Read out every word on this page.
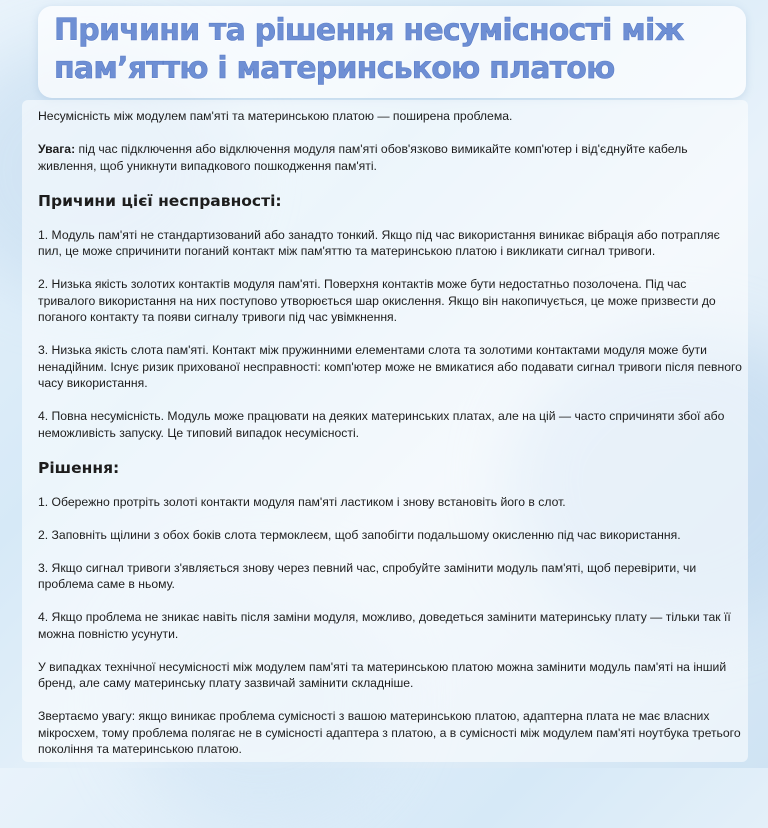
Причини та рішення несумісності між пам’яттю і материнською платою

Несумісність між модулем пам'яті та материнською платою — поширена проблема.

Увага: під час підключення або відключення модуля пам'яті обов'язково вимикайте комп'ютер і від'єднуйте кабель живлення, щоб уникнути випадкового пошкодження пам'яті.

Причини цієї несправності:

1. Модуль пам'яті не стандартизований або занадто тонкий. Якщо під час використання виникає вібрація або потрапляє пил, це може спричинити поганий контакт між пам'яттю та материнською платою і викликати сигнал тривоги.

2. Низька якість золотих контактів модуля пам'яті. Поверхня контактів може бути недостатньо позолочена. Під час тривалого використання на них поступово утворюється шар окислення. Якщо він накопичується, це може призвести до поганого контакту та появи сигналу тривоги під час увімкнення.

3. Низька якість слота пам'яті. Контакт між пружинними елементами слота та золотими контактами модуля може бути ненадійним. Існує ризик прихованої несправності: комп'ютер може не вмикатися або подавати сигнал тривоги після певного часу використання.

4. Повна несумісність. Модуль може працювати на деяких материнських платах, але на цій — часто спричиняти збої або неможливість запуску. Це типовий випадок несумісності.

Рішення:

1. Обережно протріть золоті контакти модуля пам'яті ластиком і знову встановіть його в слот.

2. Заповніть щілини з обох боків слота термоклеєм, щоб запобігти подальшому окисленню під час використання.

3. Якщо сигнал тривоги з'являється знову через певний час, спробуйте замінити модуль пам'яті, щоб перевірити, чи проблема саме в ньому.

4. Якщо проблема не зникає навіть після заміни модуля, можливо, доведеться замінити материнську плату — тільки так її можна повністю усунути.

У випадках технічної несумісності між модулем пам'яті та материнською платою можна замінити модуль пам'яті на інший бренд, але саму материнську плату зазвичай замінити складніше.

Звертаємо увагу: якщо виникає проблема сумісності з вашою материнською платою, адаптерна плата не має власних мікросхем, тому проблема полягає не в сумісності адаптера з платою, а в сумісності між модулем пам'яті ноутбука третього покоління та материнською платою.
